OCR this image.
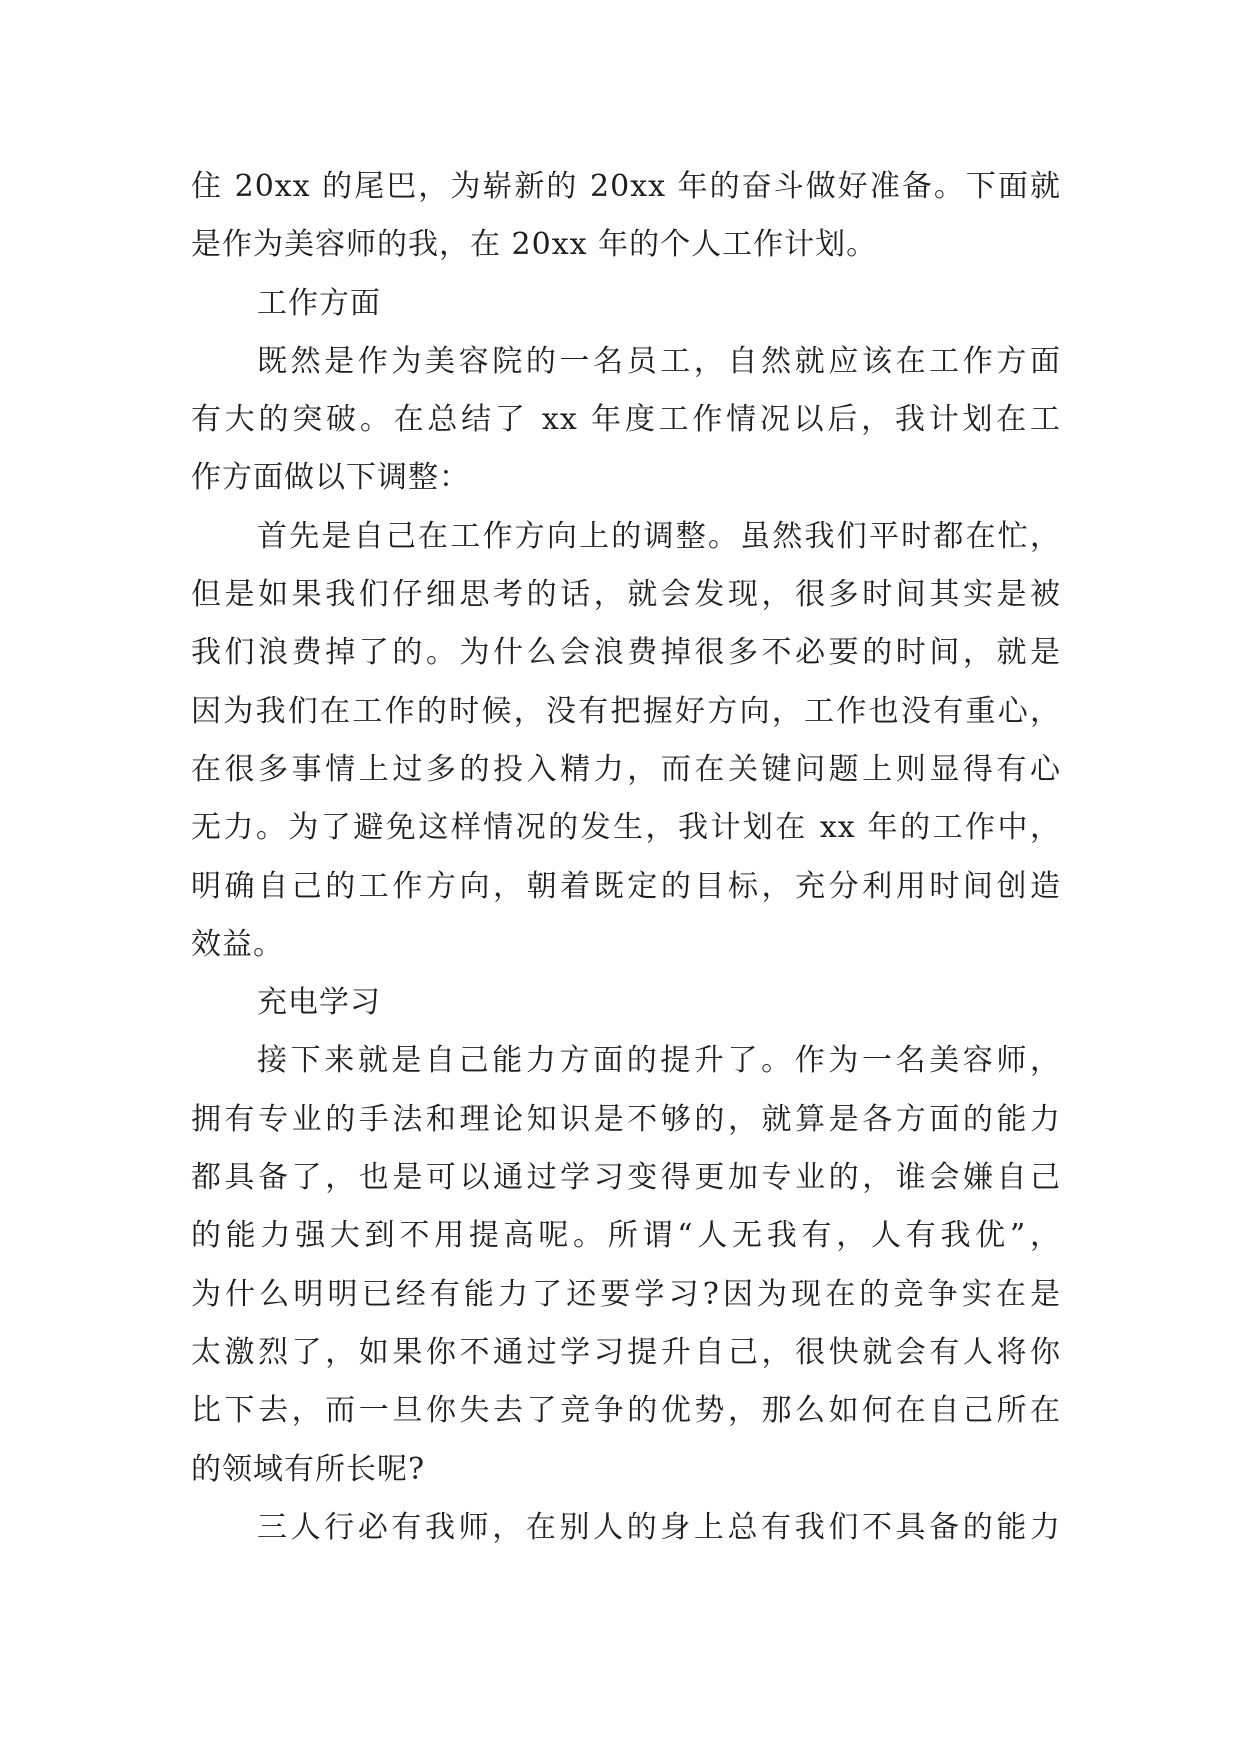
住 20xx 的尾巴，为崭新的 20xx 年的奋斗做好准备。下面就
是作为美容师的我，在 20xx 年的个人工作计划。
工作方面
既然是作为美容院的一名员工，自然就应该在工作方面
有大的突破。在总结了 xx 年度工作情况以后，我计划在工
作方面做以下调整：
首先是自己在工作方向上的调整。虽然我们平时都在忙，
但是如果我们仔细思考的话，就会发现，很多时间其实是被
我们浪费掉了的。为什么会浪费掉很多不必要的时间，就是
因为我们在工作的时候，没有把握好方向，工作也没有重心，
在很多事情上过多的投入精力，而在关键问题上则显得有心
无力。为了避免这样情况的发生，我计划在 xx 年的工作中，
明确自己的工作方向，朝着既定的目标，充分利用时间创造
效益。
充电学习
接下来就是自己能力方面的提升了。作为一名美容师，
拥有专业的手法和理论知识是不够的，就算是各方面的能力
都具备了，也是可以通过学习变得更加专业的，谁会嫌自己
的能力强大到不用提高呢。所谓“人无我有，人有我优”，
为什么明明已经有能力了还要学习?因为现在的竞争实在是
太激烈了，如果你不通过学习提升自己，很快就会有人将你
比下去，而一旦你失去了竞争的优势，那么如何在自己所在
的领域有所长呢?
三人行必有我师，在别人的身上总有我们不具备的能力
